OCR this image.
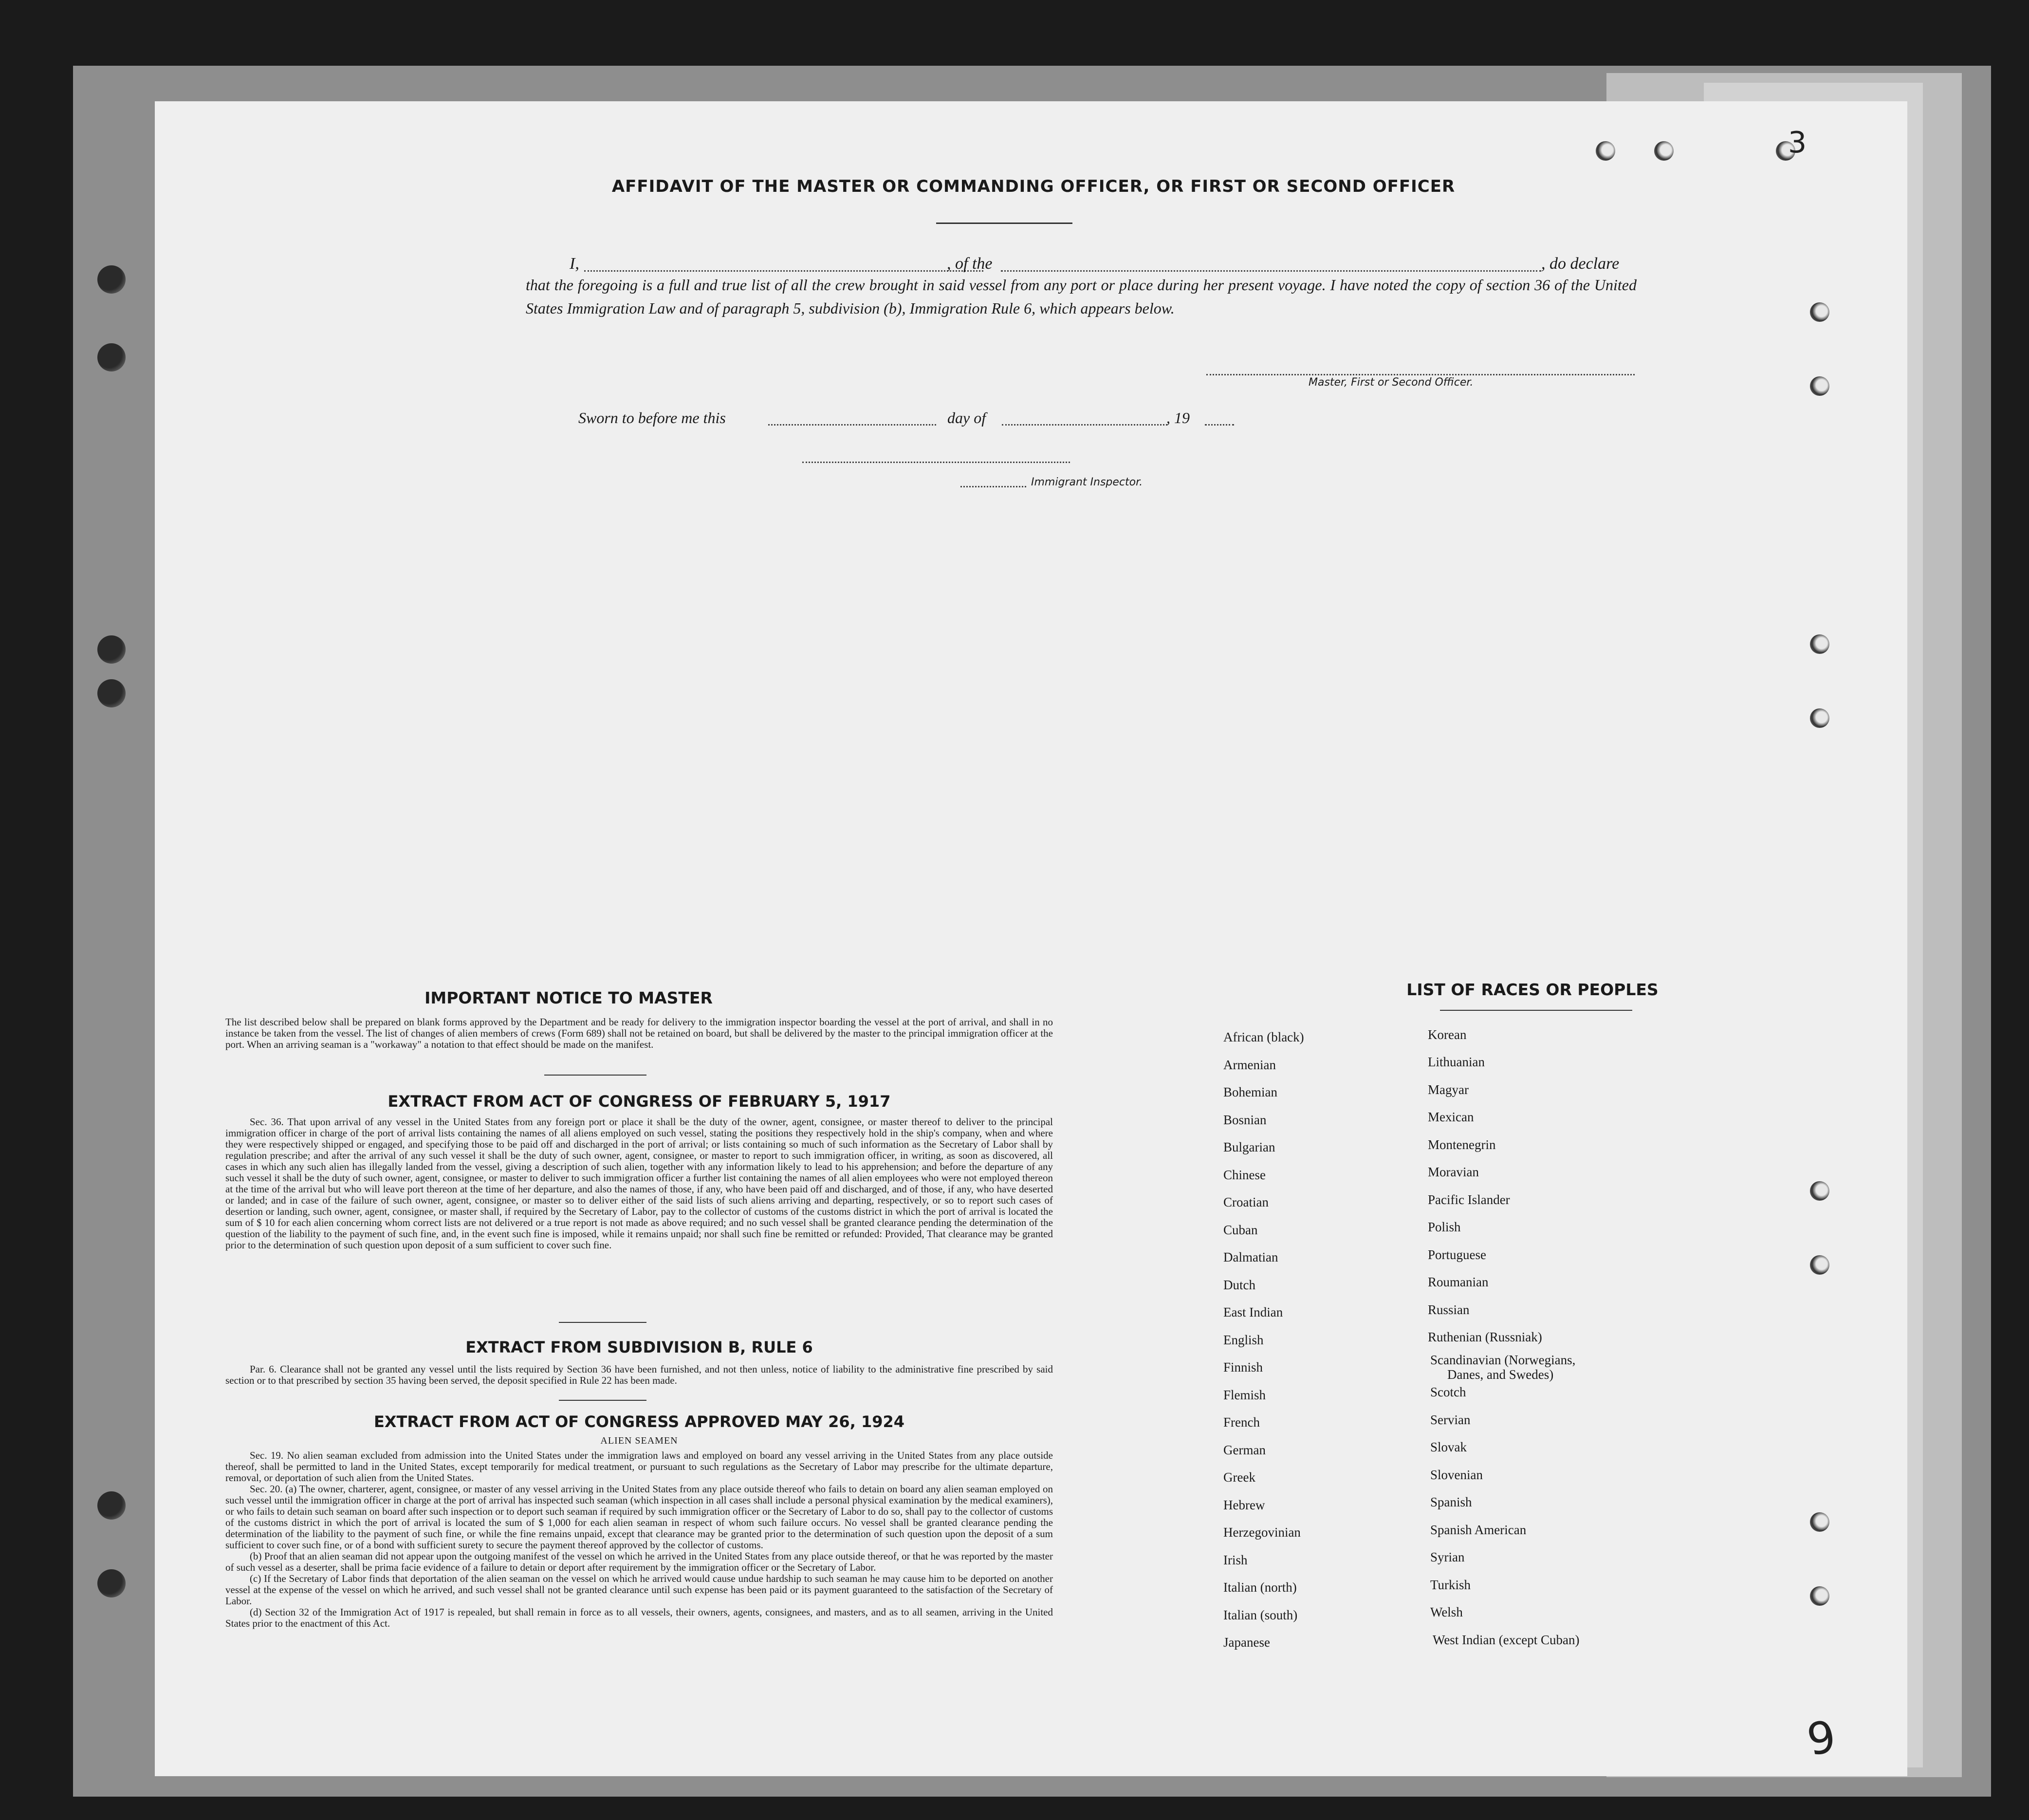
3
9
AFFIDAVIT OF THE MASTER OR COMMANDING OFFICER, OR FIRST OR SECOND OFFICER
I,	, of the	, do declare
that the foregoing is a full and true list of all the crew brought in said vessel from any port or place during her present voyage. I have noted the copy of section 36 of the United States Immigration Law and of paragraph 5, subdivision (b), Immigration Rule 6, which appears below.
Master, First or Second Officer.
Sworn to before me this	day of	, 19
Immigrant Inspector.
IMPORTANT NOTICE TO MASTER
The list described below shall be prepared on blank forms approved by the Department and be ready for delivery to the immigration inspector boarding the vessel at the port of arrival, and shall in no instance be taken from the vessel. The list of changes of alien members of crews (Form 689) shall not be retained on board, but shall be delivered by the master to the principal immigration officer at the port. When an arriving seaman is a "workaway" a notation to that effect should be made on the manifest.
EXTRACT FROM ACT OF CONGRESS OF FEBRUARY 5, 1917
Sec. 36. That upon arrival of any vessel in the United States from any foreign port or place it shall be the duty of the owner, agent, consignee, or master thereof to deliver to the principal immigration officer in charge of the port of arrival lists containing the names of all aliens employed on such vessel, stating the positions they respectively hold in the ship's company, when and where they were respectively shipped or engaged, and specifying those to be paid off and discharged in the port of arrival; or lists containing so much of such information as the Secretary of Labor shall by regulation prescribe; and after the arrival of any such vessel it shall be the duty of such owner, agent, consignee, or master to report to such immigration officer, in writing, as soon as discovered, all cases in which any such alien has illegally landed from the vessel, giving a description of such alien, together with any information likely to lead to his apprehension; and before the departure of any such vessel it shall be the duty of such owner, agent, consignee, or master to deliver to such immigration officer a further list containing the names of all alien employees who were not employed thereon at the time of the arrival but who will leave port thereon at the time of her departure, and also the names of those, if any, who have been paid off and discharged, and of those, if any, who have deserted or landed; and in case of the failure of such owner, agent, consignee, or master so to deliver either of the said lists of such aliens arriving and departing, respectively, or so to report such cases of desertion or landing, such owner, agent, consignee, or master shall, if required by the Secretary of Labor, pay to the collector of customs of the customs district in which the port of arrival is located the sum of $ 10 for each alien concerning whom correct lists are not delivered or a true report is not made as above required; and no such vessel shall be granted clearance pending the determination of the question of the liability to the payment of such fine, and, in the event such fine is imposed, while it remains unpaid; nor shall such fine be remitted or refunded: Provided, That clearance may be granted prior to the determination of such question upon deposit of a sum sufficient to cover such fine.
EXTRACT FROM SUBDIVISION B, RULE 6
Par. 6. Clearance shall not be granted any vessel until the lists required by Section 36 have been furnished, and not then unless, notice of liability to the administrative fine prescribed by said section or to that prescribed by section 35 having been served, the deposit specified in Rule 22 has been made.
EXTRACT FROM ACT OF CONGRESS APPROVED MAY 26, 1924
ALIEN SEAMEN
Sec. 19. No alien seaman excluded from admission into the United States under the immigration laws and employed on board any vessel arriving in the United States from any place outside thereof, shall be permitted to land in the United States, except temporarily for medical treatment, or pursuant to such regulations as the Secretary of Labor may prescribe for the ultimate departure, removal, or deportation of such alien from the United States.
Sec. 20. (a) The owner, charterer, agent, consignee, or master of any vessel arriving in the United States from any place outside thereof who fails to detain on board any alien seaman employed on such vessel until the immigration officer in charge at the port of arrival has inspected such seaman (which inspection in all cases shall include a personal physical examination by the medical examiners), or who fails to detain such seaman on board after such inspection or to deport such seaman if required by such immigration officer or the Secretary of Labor to do so, shall pay to the collector of customs of the customs district in which the port of arrival is located the sum of $ 1,000 for each alien seaman in respect of whom such failure occurs. No vessel shall be granted clearance pending the determination of the liability to the payment of such fine, or while the fine remains unpaid, except that clearance may be granted prior to the determination of such question upon the deposit of a sum sufficient to cover such fine, or of a bond with sufficient surety to secure the payment thereof approved by the collector of customs.
(b) Proof that an alien seaman did not appear upon the outgoing manifest of the vessel on which he arrived in the United States from any place outside thereof, or that he was reported by the master of such vessel as a deserter, shall be prima facie evidence of a failure to detain or deport after requirement by the immigration officer or the Secretary of Labor.
(c) If the Secretary of Labor finds that deportation of the alien seaman on the vessel on which he arrived would cause undue hardship to such seaman he may cause him to be deported on another vessel at the expense of the vessel on which he arrived, and such vessel shall not be granted clearance until such expense has been paid or its payment guaranteed to the satisfaction of the Secretary of Labor.
(d) Section 32 of the Immigration Act of 1917 is repealed, but shall remain in force as to all vessels, their owners, agents, consignees, and masters, and as to all seamen, arriving in the United States prior to the enactment of this Act.
LIST OF RACES OR PEOPLES
African (black)
Armenian
Bohemian
Bosnian
Bulgarian
Chinese
Croatian
Cuban
Dalmatian
Dutch
East Indian
English
Finnish
Flemish
French
German
Greek
Hebrew
Herzegovinian
Irish
Italian (north)
Italian (south)
Japanese
Korean
Lithuanian
Magyar
Mexican
Montenegrin
Moravian
Pacific Islander
Polish
Portuguese
Roumanian
Russian
Ruthenian (Russniak)
Scandinavian (Norwegians,
Danes, and Swedes)
Scotch
Servian
Slovak
Slovenian
Spanish
Spanish American
Syrian
Turkish
Welsh
West Indian (except Cuban)
